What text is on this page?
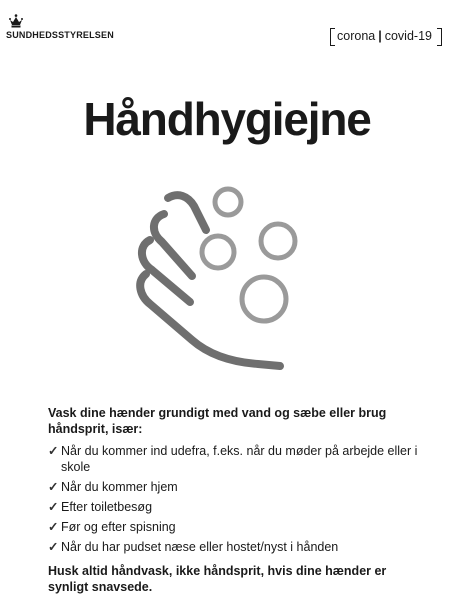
SUNDHEDSSTYRELSEN	corona | covid-19
Håndhygiejne

Vask dine hænder grundigt med vand og sæbe eller brug håndsprit, især:

✓ Når du kommer ind udefra, f.eks. når du møder på arbejde eller i skole
✓ Når du kommer hjem
✓ Efter toiletbesøg
✓ Før og efter spisning
✓ Når du har pudset næse eller hostet/nyst i hånden

Husk altid håndvask, ikke håndsprit, hvis dine hænder er synligt snavsede.
